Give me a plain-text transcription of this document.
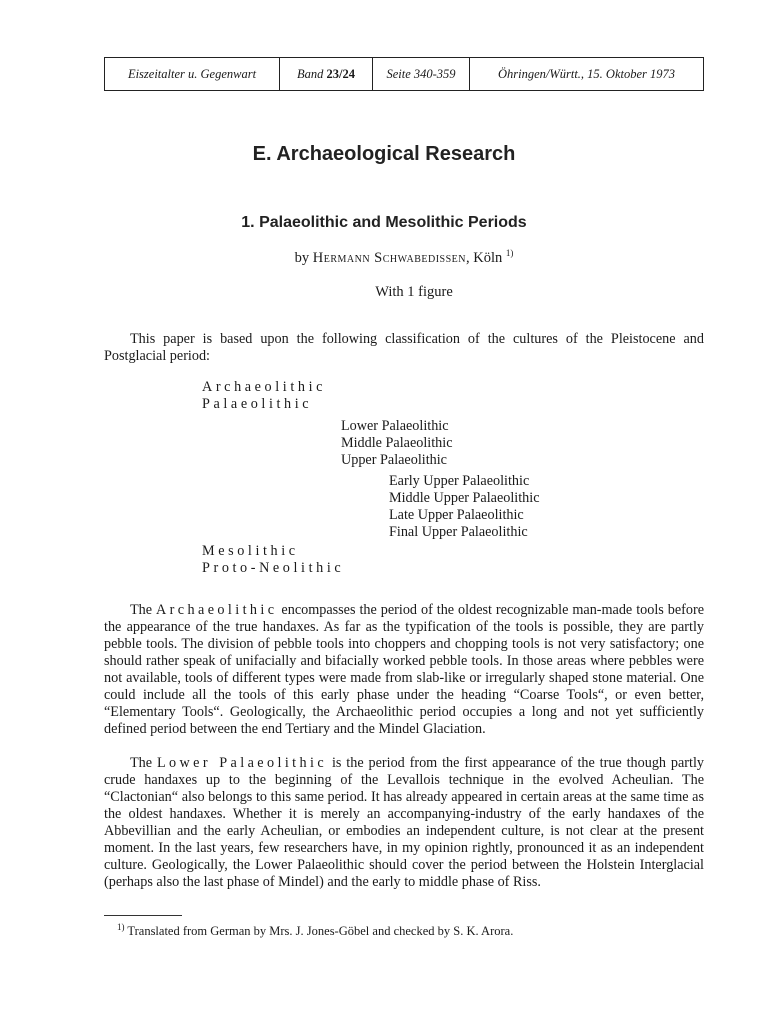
Eiszeitalter u. Gegenwart	Band
23/24	Seite 340-359	Öhringen/Württ., 15. Oktober 1973
E. Archaeological Research
1. Palaeolithic and Mesolithic Periods
by Hermann Schwabedissen, Köln $^{1)}$
With 1 figure
This paper is based upon the following classification of the cultures of the Pleistocene and Postglacial period:
Archaeolithic
Palaeolithic
Lower Palaeolithic
Middle Palaeolithic
Upper Palaeolithic
Early Upper Palaeolithic
Middle Upper Palaeolithic
Late Upper Palaeolithic
Final Upper Palaeolithic
Mesolithic
Proto-Neolithic
The Archaeolithic encompasses the period of the oldest recognizable man-made tools before the appearance of the true handaxes. As far as the typification of the tools is possible, they are partly pebble tools. The division of pebble tools into choppers and chopping tools is not very satisfactory; one should rather speak of unifacially and bifacially worked pebble tools. In those areas where pebbles were not available, tools of different types were made from slab-like or irregularly shaped stone material. One could include all the tools of this early phase under the heading “Coarse Tools“, or even better, “Elementary Tools“. Geologically, the Archaeolithic period occupies a long and not yet sufficiently defined period between the end Tertiary and the Mindel Glaciation.
The Lower Palaeolithic is the period from the first appearance of the true though partly crude handaxes up to the beginning of the Levallois technique in the evolved Acheulian. The “Clactonian“ also belongs to this same period. It has already appeared in certain areas at the same time as the oldest handaxes. Whether it is merely an accompanying-industry of the early handaxes of the Abbevillian and the early Acheulian, or embodies an independent culture, is not clear at the present moment. In the last years, few researchers have, in my opinion rightly, pronounced it as an independent culture. Geologically, the Lower Palaeolithic should cover the period between the Holstein Interglacial (perhaps also the last phase of Mindel) and the early to middle phase of Riss.
$^{1)}$ Translated from German by Mrs. J. Jones-Göbel and checked by S. K. Arora.
